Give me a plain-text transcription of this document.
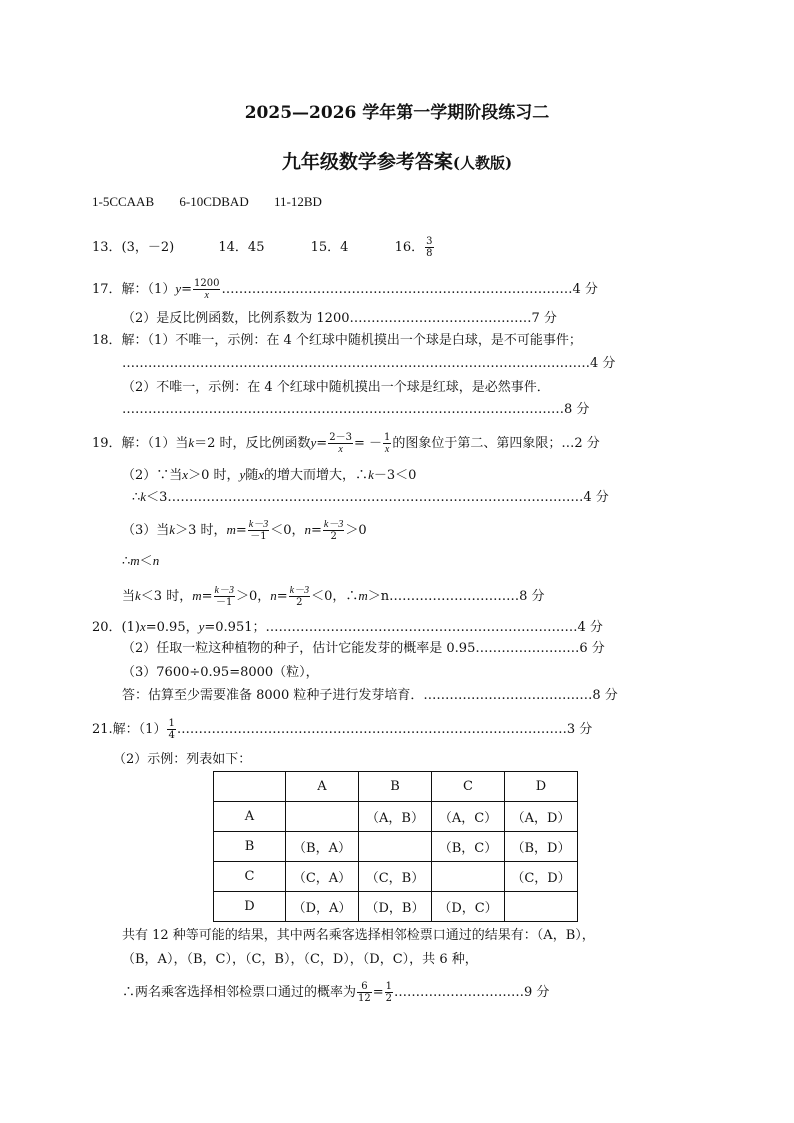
2025—2026 学年第一学期阶段练习二
九年级数学参考答案(人教版)
1-5CCAAB 6-10CDBAD 11-12BD
13．(3，－2)	14．45	15．4	16． $\frac{3}{8}$
17．解：$(1)y= \frac{1200}{x}\dots\dots\dots\dots\dots\dots\dots\dots\dots\dots\dots\dots\dots\dots\dots\dots\dots\dots\dots\dots\dots\dots\dots\dots\dots\dots\dots 4$ 分
（2）是反比例函数，比例系数为 1200……………………………………7 分
18．解：（1）不唯一，示例：在 4 个红球中随机摸出一个球是白球，是不可能事件；
………………………………………………………………………………………………4 分
（2）不唯一，示例：在 4 个红球中随机摸出一个球是红球，是必然事件．
…………………………………………………………………………………………8 分
19．解：（1）当k＝2 时，反比例函数$y= \frac{2-3}{x}= - \frac{1}{x}$的图象位于第二、第四象限；…2 分
（2）∵当x＞0 时，y随x的增大而增大，∴k－3＜0
∴k＜3……………………………………………………………………………………4 分
（3）当k＞3 时，$m= \frac{k-3}{-1} <0$，$n= \frac{k-3}{2} >0$
∴m＜n
当k＜3 时，$m= \frac{k-3}{-1} >0$，$n= \frac{k-3}{2} <0$，∴m＞n…………………………8 分
20．(1)x=0.95，y=0.951；………………………………………………………………4 分
（2）任取一粒这种植物的种子，估计它能发芽的概率是 0.95……………………6 分
（3）7600÷0.95=8000（粒），
答：估算至少需要准备 8000 粒种子进行发芽培育．…………………………………8 分
21.解：$(1) \frac{1}{4}$ ………………………………………………………………………………3 分
（2）示例：列表如下：
	A	B	C	D
A		（A，B）	（A，C）	（A，D）
B	（B，A）		（B，C）	（B，D）
C	（C，A）	（C，B）		（C，D）
D	（D，A）	（D，B）	（D，C）	
共有 12 种等可能的结果，其中两名乘客选择相邻检票口通过的结果有：（A，B），
（B，A），（B，C），（C，B），（C，D），（D，C），共 6 种，
∴两名乘客选择相邻检票口通过的概率为 $\frac{6}{12} = \frac{1}{2}$ …………………………9 分
